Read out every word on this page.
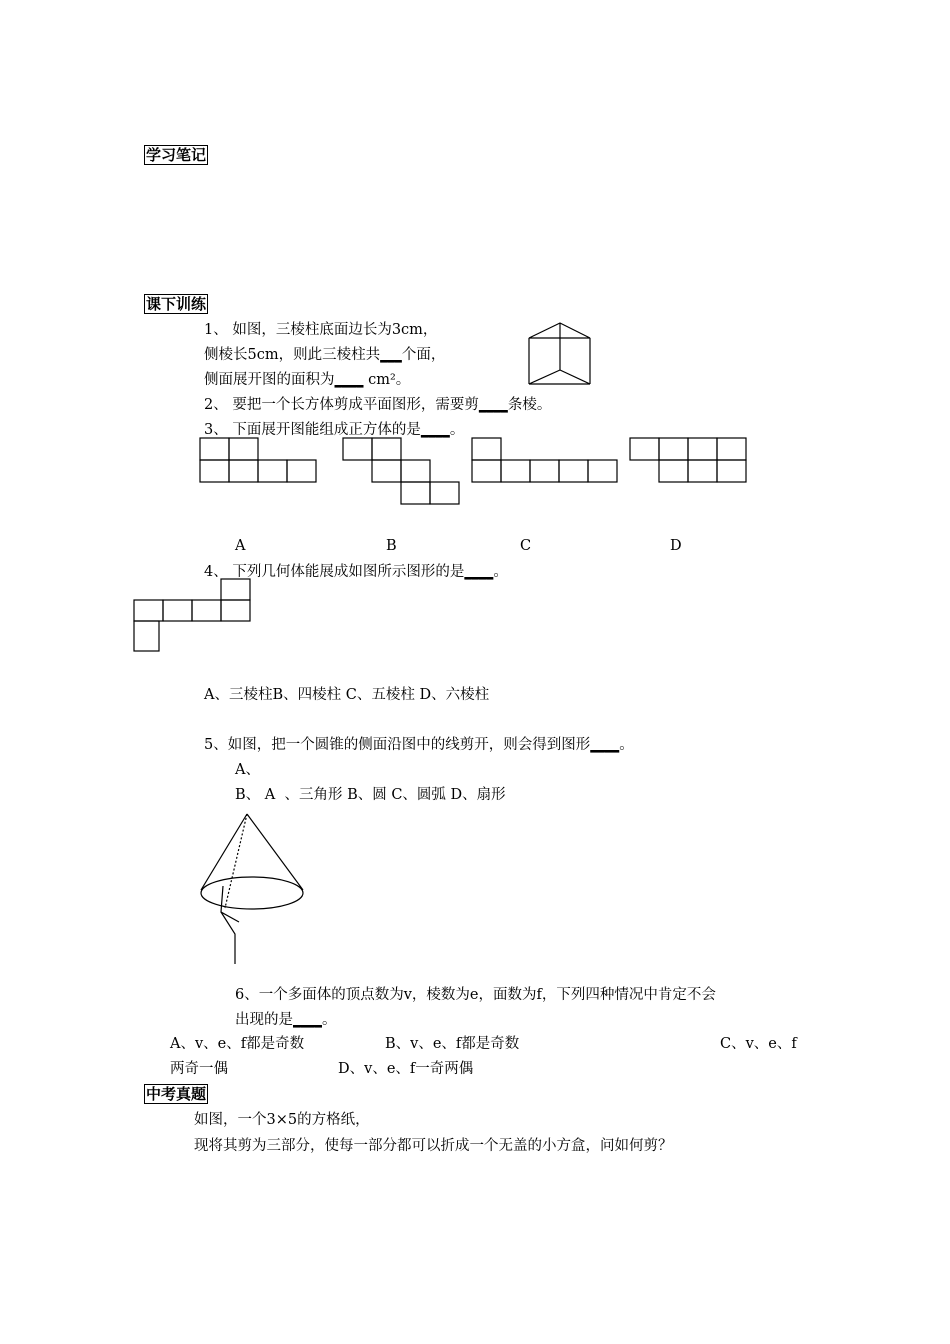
学习笔记
课下训练
中考真题
1、 如图，三棱柱底面边长为3cm，
侧棱长5cm，则此三棱柱共___个面，
侧面展开图的面积为____ cm²。
2、 要把一个长方体剪成平面图形，需要剪____条棱。
3、 下面展开图能组成正方体的是____。
A	B	C	D
4、 下列几何体能展成如图所示图形的是____。
A、三棱柱B、四棱柱 C、五棱柱 D、六棱柱
5、如图，把一个圆锥的侧面沿图中的线剪开，则会得到图形____。
A、
B、 A  、三角形 B、圆 C、圆弧 D、扇形
6、一个多面体的顶点数为v，棱数为e，面数为f，下列四种情况中肯定不会
出现的是____。
A、v、e、f都是奇数	B、v、e、f都是奇数	C、v、e、f
两奇一偶	D、v、e、f一奇两偶
如图，一个3×5的方格纸，
现将其剪为三部分，使每一部分都可以折成一个无盖的小方盒，问如何剪？
